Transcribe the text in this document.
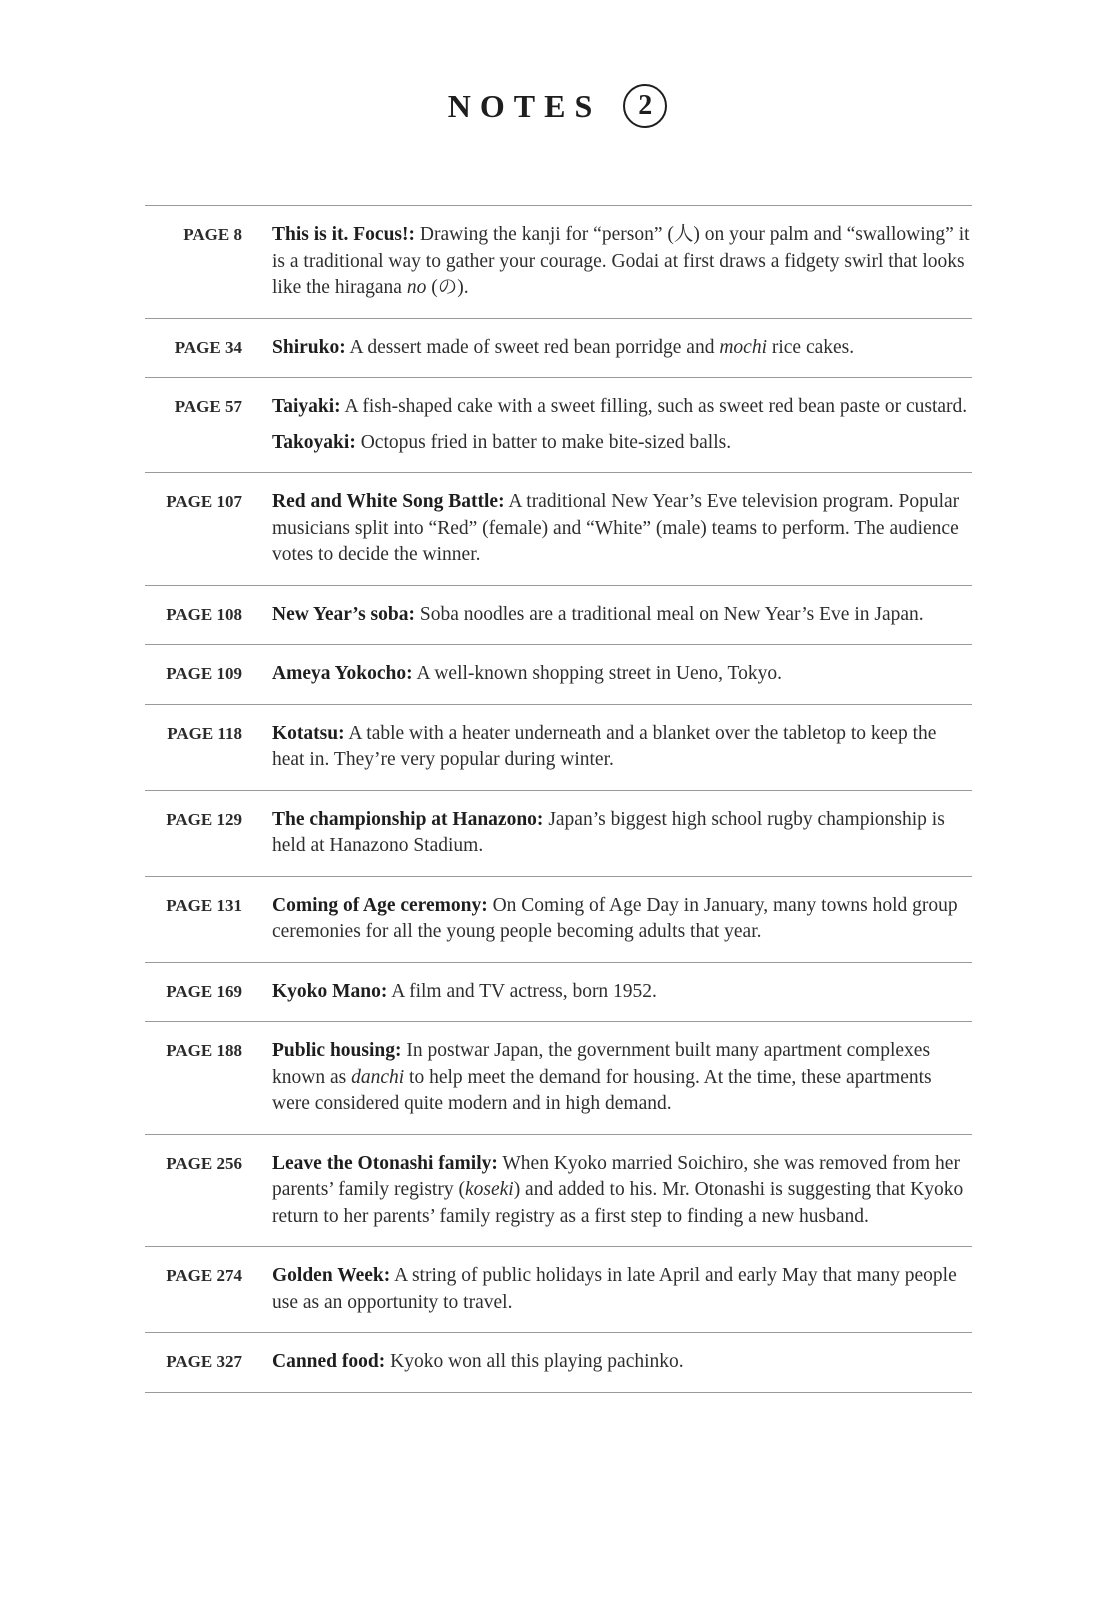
NOTES	2
PAGE 8 This is it. Focus!: Drawing the kanji for “person” (人) on your palm and “swallowing” it is a traditional way to gather your courage. Godai at first draws a fidgety swirl that looks like the hiragana no (の).
PAGE 34 Shiruko: A dessert made of sweet red bean porridge and mochi rice cakes.
PAGE 57 Taiyaki: A fish-shaped cake with a sweet filling, such as sweet red bean paste or custard.
Takoyaki: Octopus fried in batter to make bite-sized balls.
PAGE 107 Red and White Song Battle: A traditional New Year’s Eve television program. Popular musicians split into “Red” (female) and “White” (male) teams to perform. The audience votes to decide the winner.
PAGE 108 New Year’s soba: Soba noodles are a traditional meal on New Year’s Eve in Japan.
PAGE 109 Ameya Yokocho: A well-known shopping street in Ueno, Tokyo.
PAGE 118 Kotatsu: A table with a heater underneath and a blanket over the tabletop to keep the heat in. They’re very popular during winter.
PAGE 129 The championship at Hanazono: Japan’s biggest high school rugby championship is held at Hanazono Stadium.
PAGE 131 Coming of Age ceremony: On Coming of Age Day in January, many towns hold group ceremonies for all the young people becoming adults that year.
PAGE 169 Kyoko Mano: A film and TV actress, born 1952.
PAGE 188 Public housing: In postwar Japan, the government built many apartment complexes known as danchi to help meet the demand for housing. At the time, these apartments were considered quite modern and in high demand.
PAGE 256 Leave the Otonashi family: When Kyoko married Soichiro, she was removed from her parents’ family registry (koseki) and added to his. Mr. Otonashi is suggesting that Kyoko return to her parents’ family registry as a first step to finding a new husband.
PAGE 274 Golden Week: A string of public holidays in late April and early May that many people use as an opportunity to travel.
PAGE 327 Canned food: Kyoko won all this playing pachinko.
